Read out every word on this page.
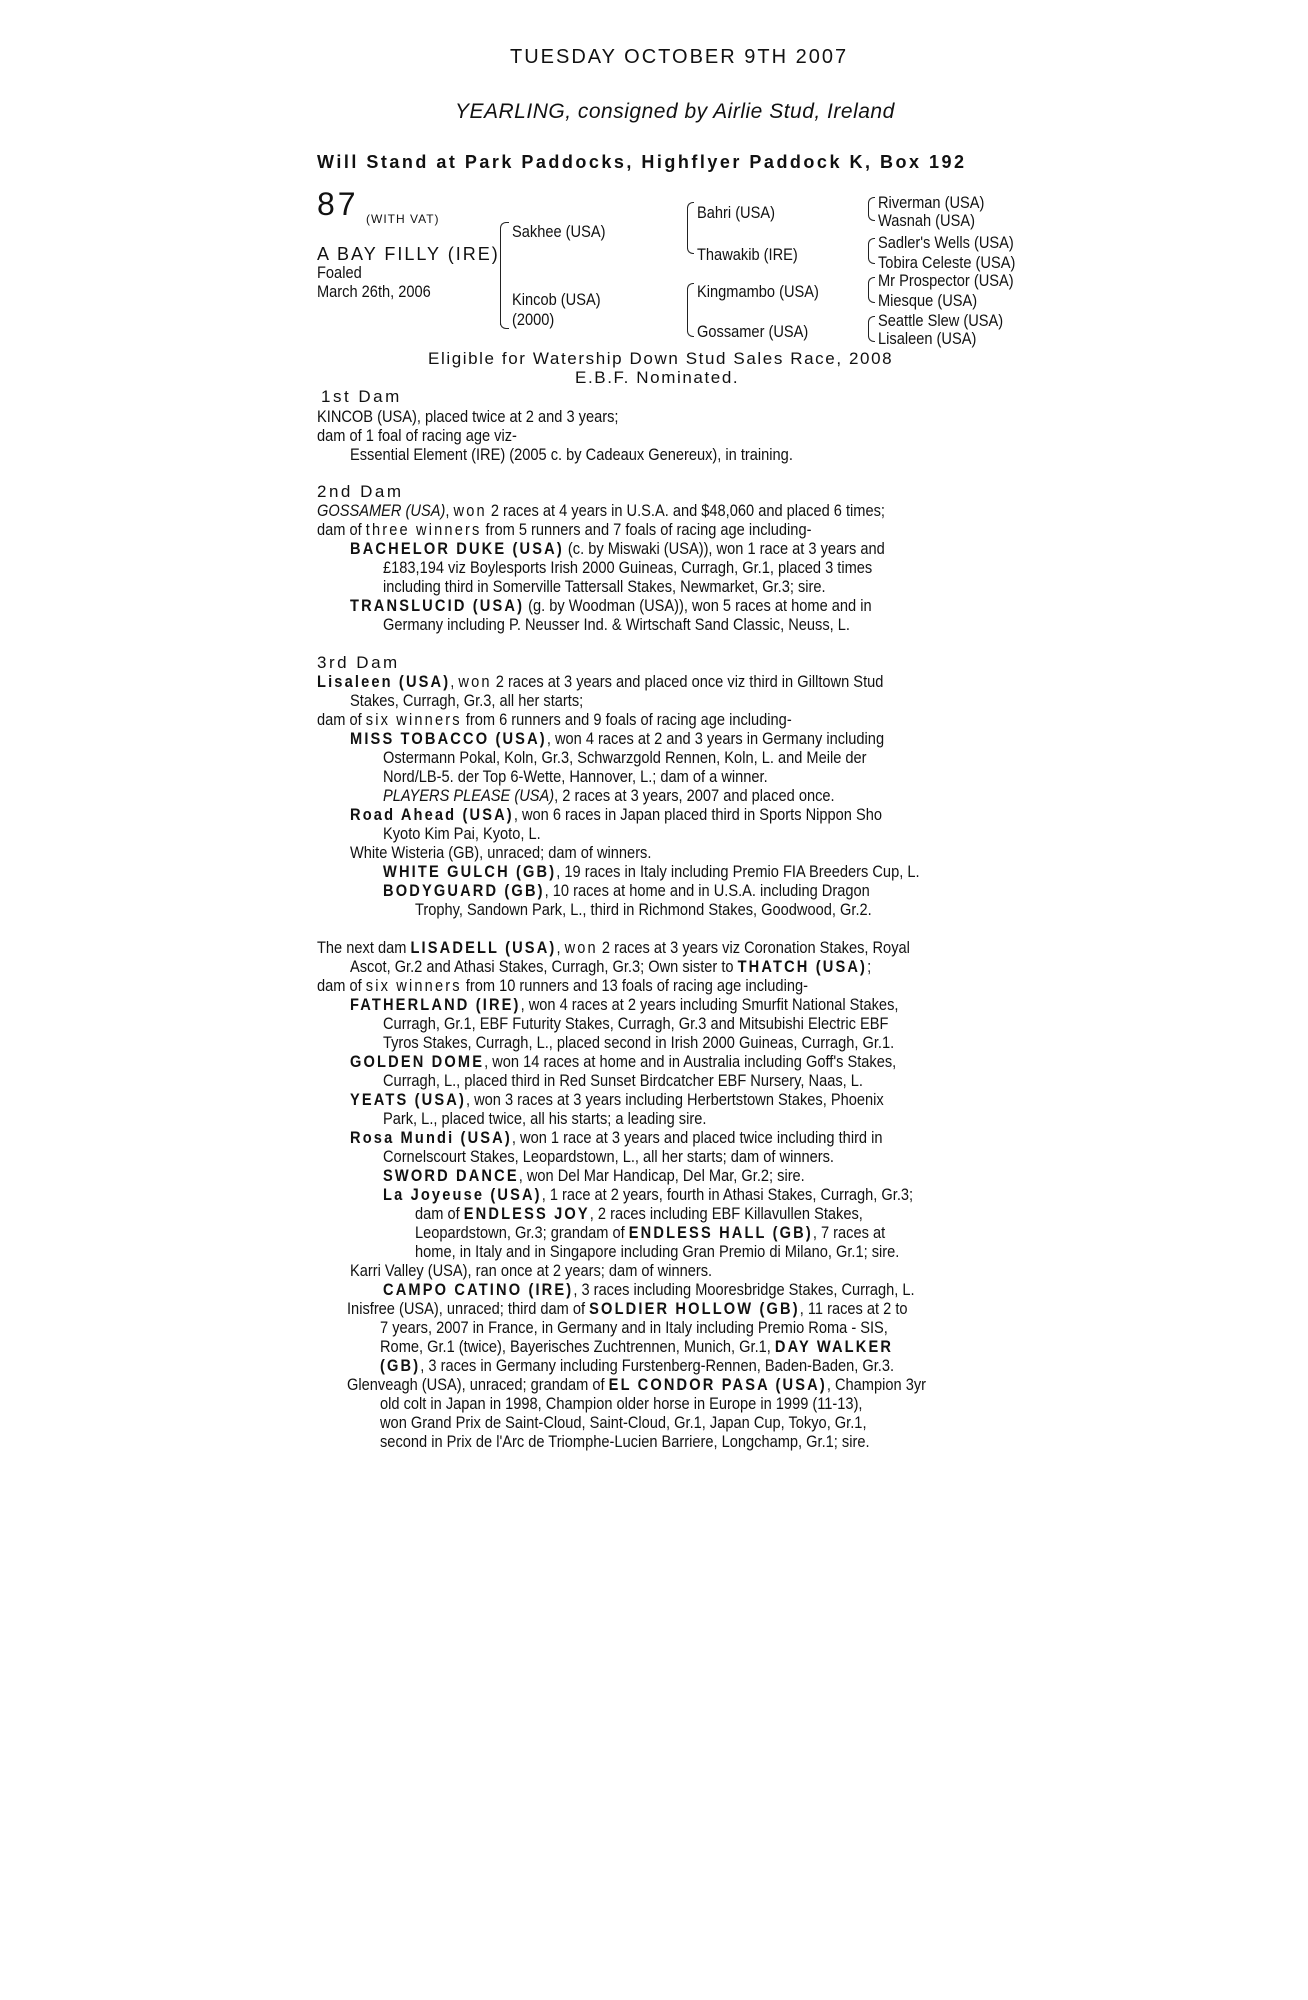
TUESDAY OCTOBER 9TH 2007
YEARLING, consigned by Airlie Stud, Ireland
Will Stand at Park Paddocks, Highflyer Paddock K, Box 192
87 (WITH VAT)
A BAY FILLY (IRE)
Foaled
March 26th, 2006
Sakhee (USA)
Kincob (USA)
(2000)
Bahri (USA)
Thawakib (IRE)
Kingmambo (USA)
Gossamer (USA)
Riverman (USA)
Wasnah (USA)
Sadler's Wells (USA)
Tobira Celeste (USA)
Mr Prospector (USA)
Miesque (USA)
Seattle Slew (USA)
Lisaleen (USA)
Eligible for Watership Down Stud Sales Race, 2008
E.B.F. Nominated.
1st Dam
KINCOB (USA), placed twice at 2 and 3 years;
dam of 1 foal of racing age viz-
Essential Element (IRE) (2005 c. by Cadeaux Genereux), in training.
2nd Dam
GOSSAMER (USA), won 2 races at 4 years in U.S.A. and $48,060 and placed 6 times;
dam of three winners from 5 runners and 7 foals of racing age including-
BACHELOR DUKE (USA) (c. by Miswaki (USA)), won 1 race at 3 years and
£183,194 viz Boylesports Irish 2000 Guineas, Curragh, Gr.1, placed 3 times
including third in Somerville Tattersall Stakes, Newmarket, Gr.3; sire.
TRANSLUCID (USA) (g. by Woodman (USA)), won 5 races at home and in
Germany including P. Neusser Ind. & Wirtschaft Sand Classic, Neuss, L.
3rd Dam
Lisaleen (USA), won 2 races at 3 years and placed once viz third in Gilltown Stud
Stakes, Curragh, Gr.3, all her starts;
dam of six winners from 6 runners and 9 foals of racing age including-
MISS TOBACCO (USA), won 4 races at 2 and 3 years in Germany including
Ostermann Pokal, Koln, Gr.3, Schwarzgold Rennen, Koln, L. and Meile der
Nord/LB-5. der Top 6-Wette, Hannover, L.; dam of a winner.
PLAYERS PLEASE (USA), 2 races at 3 years, 2007 and placed once.
Road Ahead (USA), won 6 races in Japan placed third in Sports Nippon Sho
Kyoto Kim Pai, Kyoto, L.
White Wisteria (GB), unraced; dam of winners.
WHITE GULCH (GB), 19 races in Italy including Premio FIA Breeders Cup, L.
BODYGUARD (GB), 10 races at home and in U.S.A. including Dragon
Trophy, Sandown Park, L., third in Richmond Stakes, Goodwood, Gr.2.
The next dam LISADELL (USA), won 2 races at 3 years viz Coronation Stakes, Royal
Ascot, Gr.2 and Athasi Stakes, Curragh, Gr.3; Own sister to THATCH (USA);
dam of six winners from 10 runners and 13 foals of racing age including-
FATHERLAND (IRE), won 4 races at 2 years including Smurfit National Stakes,
Curragh, Gr.1, EBF Futurity Stakes, Curragh, Gr.3 and Mitsubishi Electric EBF
Tyros Stakes, Curragh, L., placed second in Irish 2000 Guineas, Curragh, Gr.1.
GOLDEN DOME, won 14 races at home and in Australia including Goff's Stakes,
Curragh, L., placed third in Red Sunset Birdcatcher EBF Nursery, Naas, L.
YEATS (USA), won 3 races at 3 years including Herbertstown Stakes, Phoenix
Park, L., placed twice, all his starts; a leading sire.
Rosa Mundi (USA), won 1 race at 3 years and placed twice including third in
Cornelscourt Stakes, Leopardstown, L., all her starts; dam of winners.
SWORD DANCE, won Del Mar Handicap, Del Mar, Gr.2; sire.
La Joyeuse (USA), 1 race at 2 years, fourth in Athasi Stakes, Curragh, Gr.3;
dam of ENDLESS JOY, 2 races including EBF Killavullen Stakes,
Leopardstown, Gr.3; grandam of ENDLESS HALL (GB), 7 races at
home, in Italy and in Singapore including Gran Premio di Milano, Gr.1; sire.
Karri Valley (USA), ran once at 2 years; dam of winners.
CAMPO CATINO (IRE), 3 races including Mooresbridge Stakes, Curragh, L.
Inisfree (USA), unraced; third dam of SOLDIER HOLLOW (GB), 11 races at 2 to
7 years, 2007 in France, in Germany and in Italy including Premio Roma - SIS,
Rome, Gr.1 (twice), Bayerisches Zuchtrennen, Munich, Gr.1, DAY WALKER
(GB), 3 races in Germany including Furstenberg-Rennen, Baden-Baden, Gr.3.
Glenveagh (USA), unraced; grandam of EL CONDOR PASA (USA), Champion 3yr
old colt in Japan in 1998, Champion older horse in Europe in 1999 (11-13),
won Grand Prix de Saint-Cloud, Saint-Cloud, Gr.1, Japan Cup, Tokyo, Gr.1,
second in Prix de l'Arc de Triomphe-Lucien Barriere, Longchamp, Gr.1; sire.
